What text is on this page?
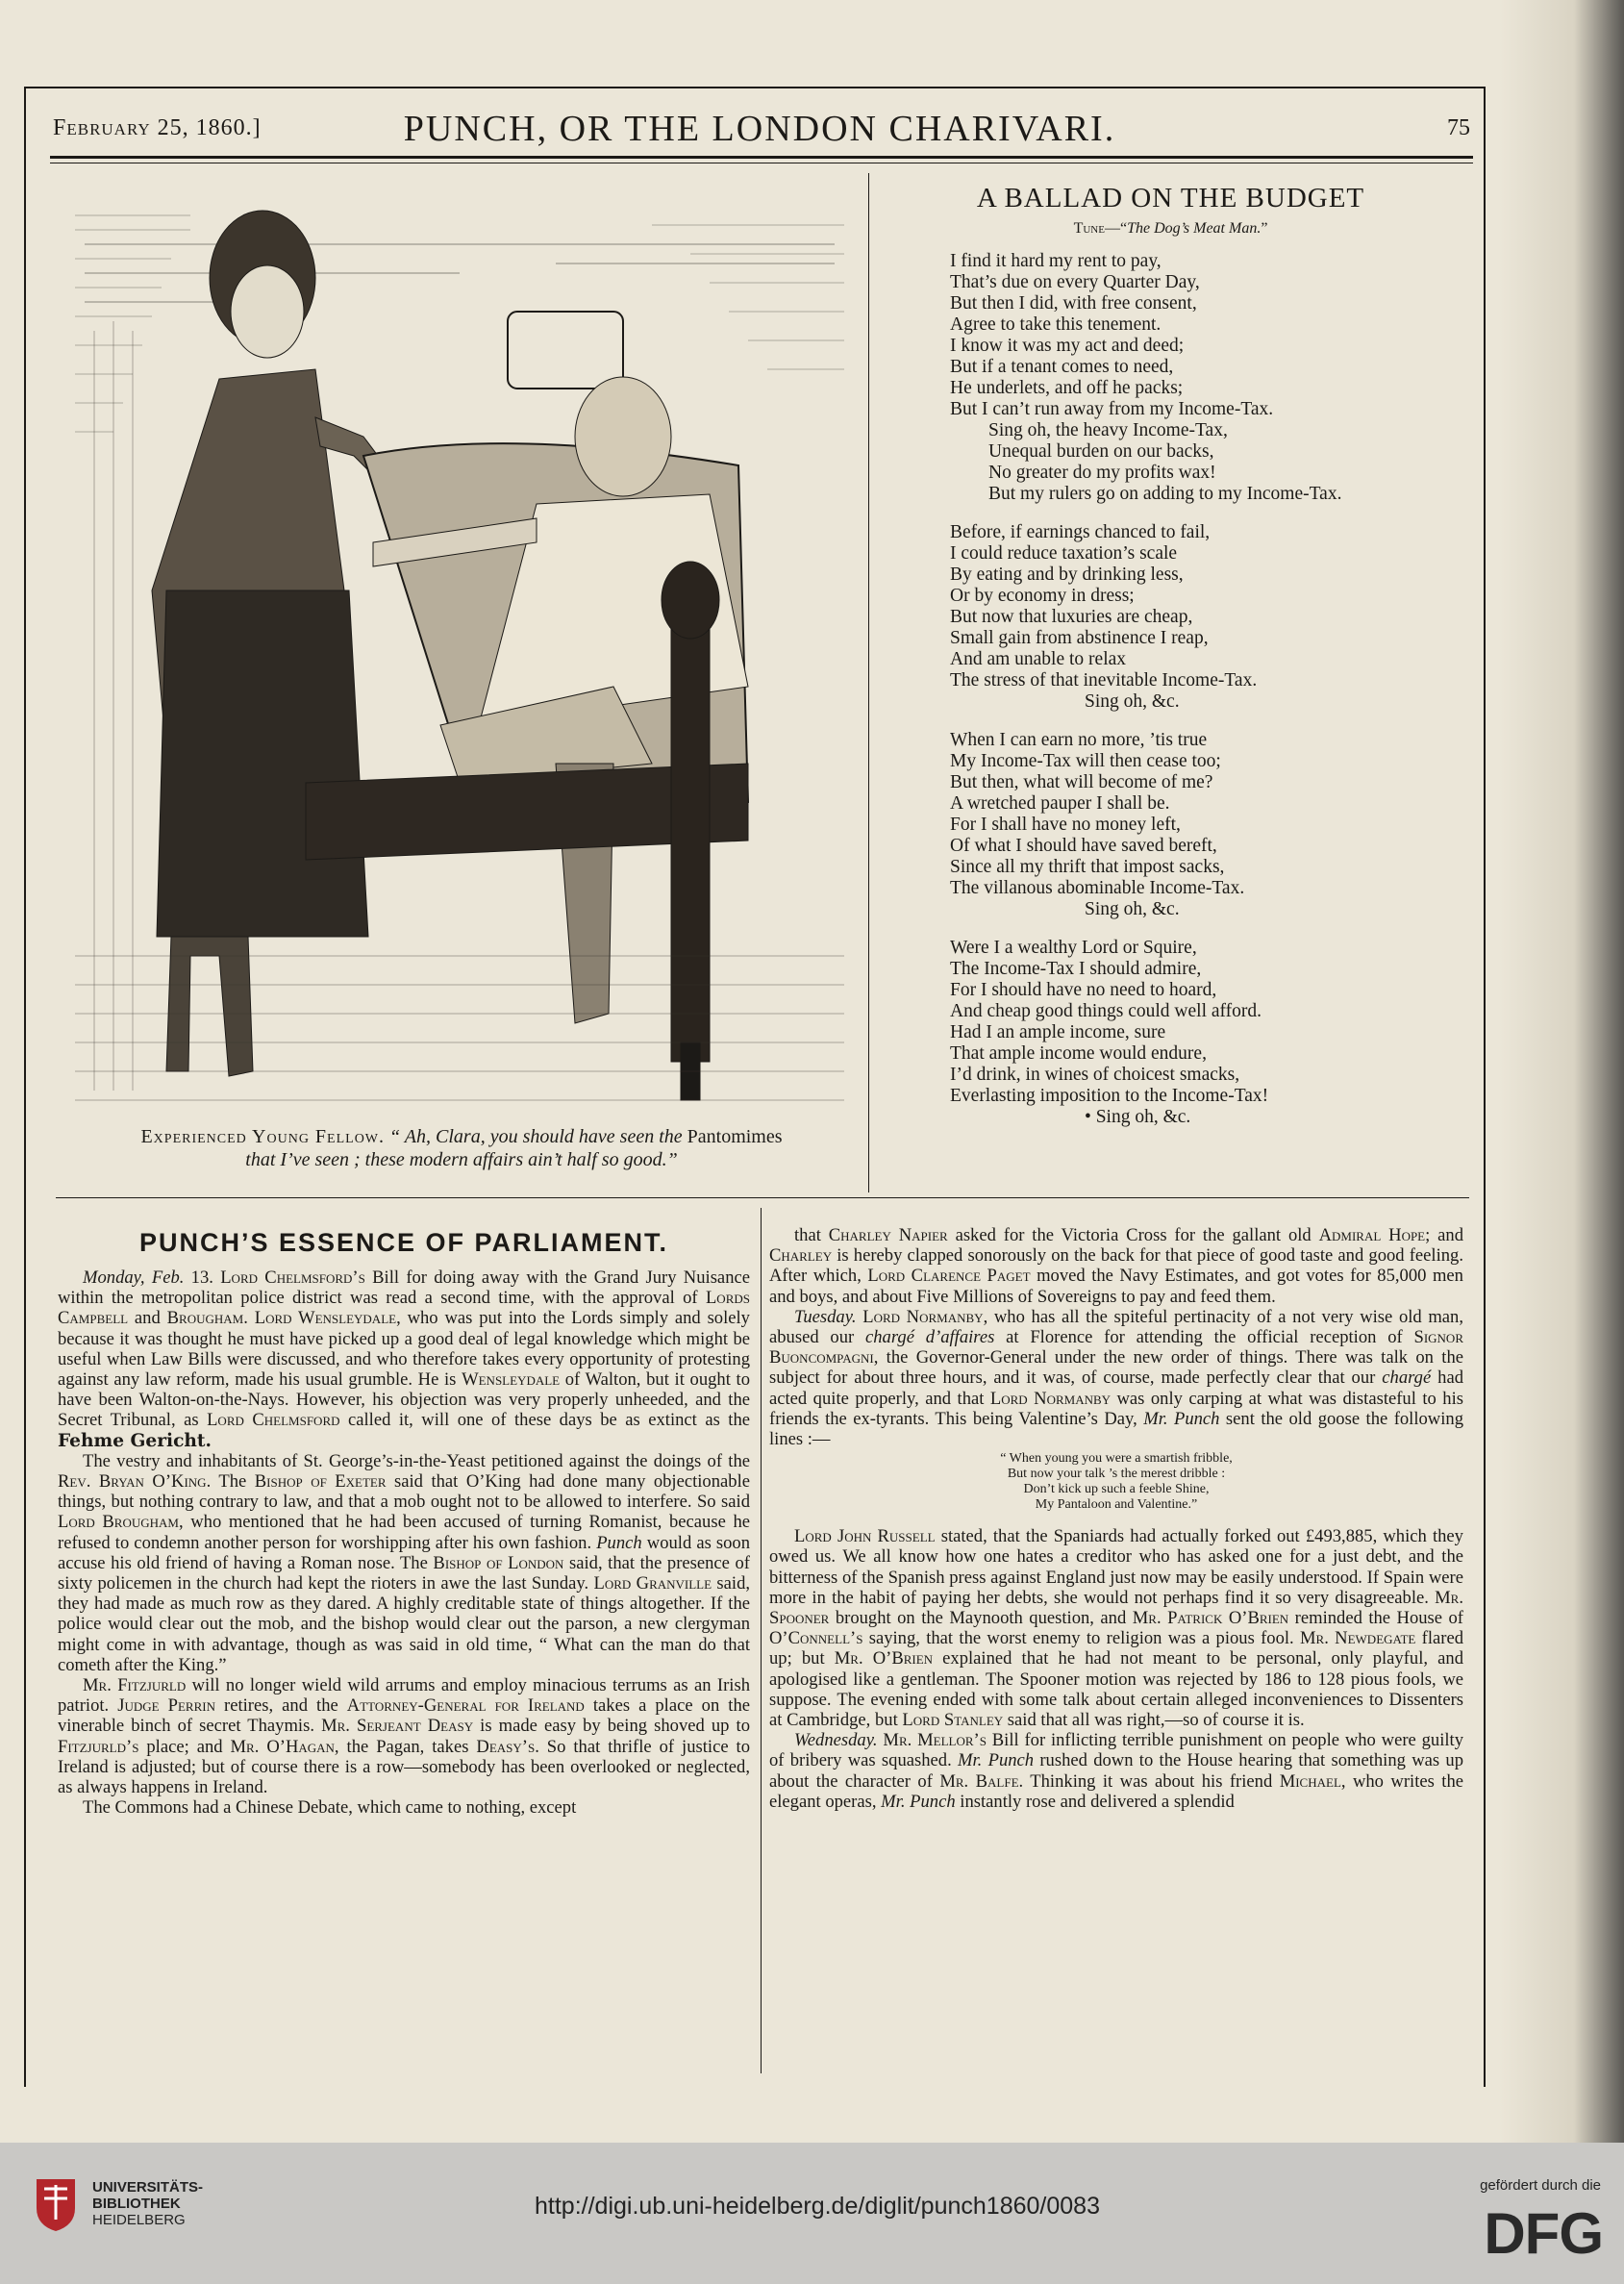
PUNCH, OR THE LONDON CHARIVARI.
February 25, 1860.]	75
Experienced Young Fellow. “ Ah, Clara, you should have seen the Pantomimes
that I’ve seen ; these modern affairs ain’t half so good.”
A BALLAD ON THE BUDGET
Tune—“The Dog’s Meat Man.”
I find it hard my rent to pay,
That’s due on every Quarter Day,
But then I did, with free consent,
Agree to take this tenement.
I know it was my act and deed;
But if a tenant comes to need,
He underlets, and off he packs;
But I can’t run away from my Income-Tax.
Sing oh, the heavy Income-Tax,
Unequal burden on our backs,
No greater do my profits wax!
But my rulers go on adding to my Income-Tax.
Before, if earnings chanced to fail,
I could reduce taxation’s scale
By eating and by drinking less,
Or by economy in dress;
But now that luxuries are cheap,
Small gain from abstinence I reap,
And am unable to relax
The stress of that inevitable Income-Tax.
Sing oh, &c.
When I can earn no more, ’tis true
My Income-Tax will then cease too;
But then, what will become of me?
A wretched pauper I shall be.
For I shall have no money left,
Of what I should have saved bereft,
Since all my thrift that impost sacks,
The villanous abominable Income-Tax.
Sing oh, &c.
Were I a wealthy Lord or Squire,
The Income-Tax I should admire,
For I should have no need to hoard,
And cheap good things could well afford.
Had I an ample income, sure
That ample income would endure,
I’d drink, in wines of choicest smacks,
Everlasting imposition to the Income-Tax!
• Sing oh, &c.
PUNCH’S ESSENCE OF PARLIAMENT.

Monday, Feb. 13. Lord Chelmsford’s Bill for doing away with the Grand Jury Nuisance within the metropolitan police district was read a second time, with the approval of Lords Campbell and Brougham. Lord Wensleydale, who was put into the Lords simply and solely because it was thought he must have picked up a good deal of legal knowledge which might be useful when Law Bills were discussed, and who therefore takes every opportunity of protesting against any law reform, made his usual grumble. He is Wensleydale of Walton, but it ought to have been Walton-on-the-Nays. However, his objection was very properly unheeded, and the Secret Tribunal, as Lord Chelmsford called it, will one of these days be as extinct as the Fehme Gericht.

The vestry and inhabitants of St. George’s-in-the-Yeast petitioned against the doings of the Rev. Bryan O’King. The Bishop of Exeter said that O’King had done many objectionable things, but nothing contrary to law, and that a mob ought not to be allowed to interfere. So said Lord Brougham, who mentioned that he had been accused of turning Romanist, because he refused to condemn another person for worshipping after his own fashion. Punch would as soon accuse his old friend of having a Roman nose. The Bishop of London said, that the presence of sixty policemen in the church had kept the rioters in awe the last Sunday. Lord Granville said, they had made as much row as they dared. A highly creditable state of things altogether. If the police would clear out the mob, and the bishop would clear out the parson, a new clergyman might come in with advantage, though as was said in old time, “ What can the man do that cometh after the King.”

Mr. Fitzjurld will no longer wield wild arrums and employ minacious terrums as an Irish patriot. Judge Perrin retires, and the Attorney-General for Ireland takes a place on the vinerable binch of secret Thaymis. Mr. Serjeant Deasy is made easy by being shoved up to Fitzjurld’s place; and Mr. O’Hagan, the Pagan, takes Deasy’s. So that thrifle of justice to Ireland is adjusted; but of course there is a row—somebody has been overlooked or neglected, as always happens in Ireland.

The Commons had a Chinese Debate, which came to nothing, except

that Charley Napier asked for the Victoria Cross for the gallant old Admiral Hope; and Charley is hereby clapped sonorously on the back for that piece of good taste and good feeling. After which, Lord Clarence Paget moved the Navy Estimates, and got votes for 85,000 men and boys, and about Five Millions of Sovereigns to pay and feed them.

Tuesday. Lord Normanby, who has all the spiteful pertinacity of a not very wise old man, abused our chargé d’affaires at Florence for attending the official reception of Signor Buoncompagni, the Governor-General under the new order of things. There was talk on the subject for about three hours, and it was, of course, made perfectly clear that our chargé had acted quite properly, and that Lord Normanby was only carping at what was distasteful to his friends the ex-tyrants. This being Valentine’s Day, Mr. Punch sent the old goose the following lines :—

“ When young you were a smartish fribble,
But now your talk ’s the merest dribble :
Don’t kick up such a feeble Shine,
My Pantaloon and Valentine.”

Lord John Russell stated, that the Spaniards had actually forked out £493,885, which they owed us. We all know how one hates a creditor who has asked one for a just debt, and the bitterness of the Spanish press against England just now may be easily understood. If Spain were more in the habit of paying her debts, she would not perhaps find it so very disagreeable. Mr. Spooner brought on the Maynooth question, and Mr. Patrick O’Brien reminded the House of O’Connell’s saying, that the worst enemy to religion was a pious fool. Mr. Newdegate flared up; but Mr. O’Brien explained that he had not meant to be personal, only playful, and apologised like a gentleman. The Spooner motion was rejected by 186 to 128 pious fools, we suppose. The evening ended with some talk about certain alleged inconveniences to Dissenters at Cambridge, but Lord Stanley said that all was right,—so of course it is.

Wednesday. Mr. Mellor’s Bill for inflicting terrible punishment on people who were guilty of bribery was squashed. Mr. Punch rushed down to the House hearing that something was up about the character of Mr. Balfe. Thinking it was about his friend Michael, who writes the elegant operas, Mr. Punch instantly rose and delivered a splendid

UNIVERSITÄTS-
BIBLIOTHEK
HEIDELBERG
http://digi.ub.uni-heidelberg.de/diglit/punch1860/0083
gefördert durch die
DFG
